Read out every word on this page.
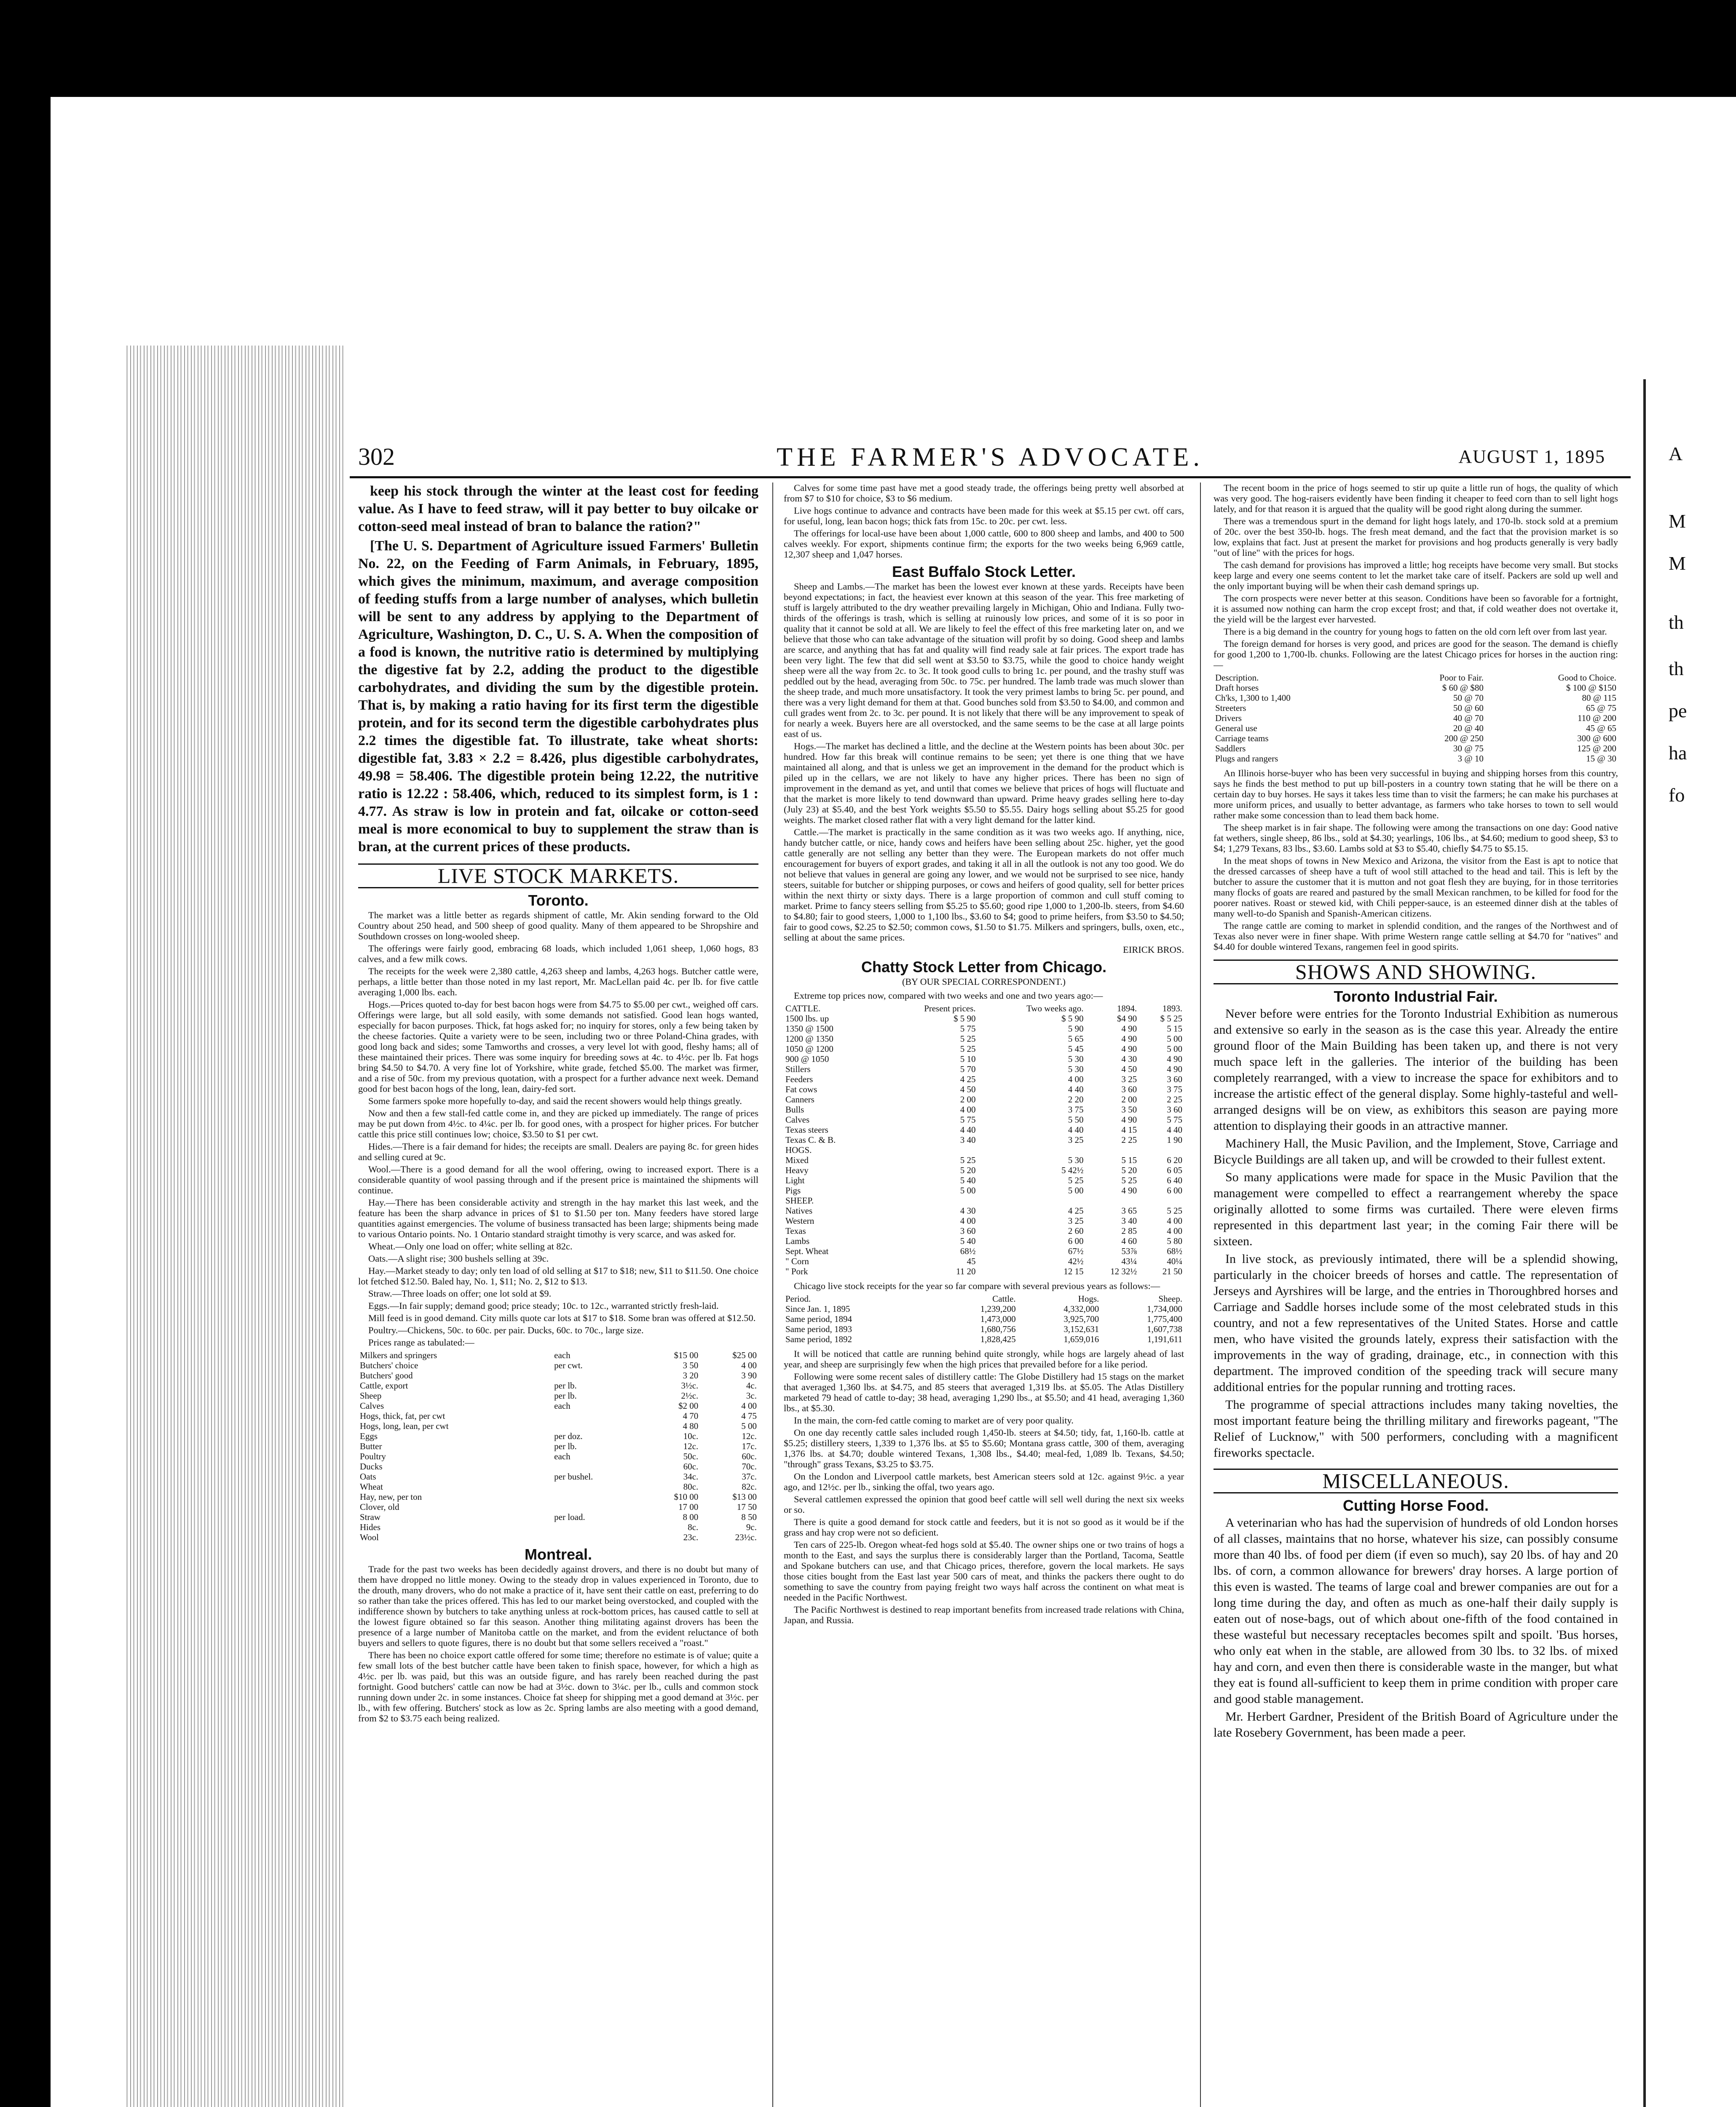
A
M
M
th
th
pe
ha
fo
THE FARMER'S ADVOCATE.
302	AUGUST 1, 1895

keep his stock through the winter at the least cost for feeding value. As I have to feed straw, will it pay better to buy oilcake or cotton-seed meal instead of bran to balance the ration?"

[The U. S. Department of Agriculture issued Farmers' Bulletin No. 22, on the Feeding of Farm Animals, in February, 1895, which gives the minimum, maximum, and average composition of feeding stuffs from a large number of analyses, which bulletin will be sent to any address by applying to the Department of Agriculture, Washington, D. C., U. S. A. When the composition of a food is known, the nutritive ratio is determined by multiplying the digestive fat by 2.2, adding the product to the digestible carbohydrates, and dividing the sum by the digestible protein. That is, by making a ratio having for its first term the digestible protein, and for its second term the digestible carbohydrates plus 2.2 times the digestible fat. To illustrate, take wheat shorts: digestible fat, 3.83 × 2.2 = 8.426, plus digestible carbohydrates, 49.98 = 58.406. The digestible protein being 12.22, the nutritive ratio is 12.22 : 58.406, which, reduced to its simplest form, is 1 : 4.77. As straw is low in protein and fat, oilcake or cotton-seed meal is more economical to buy to supplement the straw than is bran, at the current prices of these products.

LIVE STOCK MARKETS.
Toronto.

The market was a little better as regards shipment of cattle, Mr. Akin sending forward to the Old Country about 250 head, and 500 sheep of good quality. Many of them appeared to be Shropshire and Southdown crosses on long-wooled sheep.

The offerings were fairly good, embracing 68 loads, which included 1,061 sheep, 1,060 hogs, 83 calves, and a few milk cows.

The receipts for the week were 2,380 cattle, 4,263 sheep and lambs, 4,263 hogs. Butcher cattle were, perhaps, a little better than those noted in my last report, Mr. MacLellan paid 4c. per lb. for five cattle averaging 1,000 lbs. each.

Hogs.—Prices quoted to-day for best bacon hogs were from $4.75 to $5.00 per cwt., weighed off cars. Offerings were large, but all sold easily, with some demands not satisfied. Good lean hogs wanted, especially for bacon purposes. Thick, fat hogs asked for; no inquiry for stores, only a few being taken by the cheese factories. Quite a variety were to be seen, including two or three Poland-China grades, with good long back and sides; some Tamworths and crosses, a very level lot with good, fleshy hams; all of these maintained their prices. There was some inquiry for breeding sows at 4c. to 4½c. per lb. Fat hogs bring $4.50 to $4.70. A very fine lot of Yorkshire, white grade, fetched $5.00. The market was firmer, and a rise of 50c. from my previous quotation, with a prospect for a further advance next week. Demand good for best bacon hogs of the long, lean, dairy-fed sort.

Some farmers spoke more hopefully to-day, and said the recent showers would help things greatly.

Now and then a few stall-fed cattle come in, and they are picked up immediately. The range of prices may be put down from 4½c. to 4¼c. per lb. for good ones, with a prospect for higher prices. For butcher cattle this price still continues low; choice, $3.50 to $1 per cwt.

Hides.—There is a fair demand for hides; the receipts are small. Dealers are paying 8c. for green hides and selling cured at 9c.

Wool.—There is a good demand for all the wool offering, owing to increased export. There is a considerable quantity of wool passing through and if the present price is maintained the shipments will continue.

Hay.—There has been considerable activity and strength in the hay market this last week, and the feature has been the sharp advance in prices of $1 to $1.50 per ton. Many feeders have stored large quantities against emergencies. The volume of business transacted has been large; shipments being made to various Ontario points. No. 1 Ontario standard straight timothy is very scarce, and was asked for.

Wheat.—Only one load on offer; white selling at 82c.

Oats.—A slight rise; 300 bushels selling at 39c.

Hay.—Market steady to day; only ten load of old selling at $17 to $18; new, $11 to $11.50. One choice lot fetched $12.50. Baled hay, No. 1, $11; No. 2, $12 to $13.

Straw.—Three loads on offer; one lot sold at $9.

Eggs.—In fair supply; demand good; price steady; 10c. to 12c., warranted strictly fresh-laid.

Mill feed is in good demand. City mills quote car lots at $17 to $18. Some bran was offered at $12.50.

Poultry.—Chickens, 50c. to 60c. per pair. Ducks, 60c. to 70c., large size.

Prices range as tabulated:—

Milkers and springers	each	$15 00	$25 00
Butchers' choice	per cwt.	3 50	4 00
Butchers' good		3 20	3 90
Cattle, export	per lb.	3½c.	4c.
Sheep	per lb.	2½c.	3c.
Calves	each	$2 00	4 00
Hogs, thick, fat, per cwt		4 70	4 75
Hogs, long, lean, per cwt		4 80	5 00
Eggs	per doz.	10c.	12c.
Butter	per lb.	12c.	17c.
Poultry	each	50c.	60c.
Ducks		60c.	70c.
Oats	per bushel.	34c.	37c.
Wheat		80c.	82c.
Hay, new, per ton		$10 00	$13 00
Clover, old		17 00	17 50
Straw	per load.	8 00	8 50
Hides		8c.	9c.
Wool		23c.	23½c.
Montreal.

Trade for the past two weeks has been decidedly against drovers, and there is no doubt but many of them have dropped no little money. Owing to the steady drop in values experienced in Toronto, due to the drouth, many drovers, who do not make a practice of it, have sent their cattle on east, preferring to do so rather than take the prices offered. This has led to our market being overstocked, and coupled with the indifference shown by butchers to take anything unless at rock-bottom prices, has caused cattle to sell at the lowest figure obtained so far this season. Another thing militating against drovers has been the presence of a large number of Manitoba cattle on the market, and from the evident reluctance of both buyers and sellers to quote figures, there is no doubt but that some sellers received a "roast."

There has been no choice export cattle offered for some time; therefore no estimate is of value; quite a few small lots of the best butcher cattle have been taken to finish space, however, for which a high as 4½c. per lb. was paid, but this was an outside figure, and has rarely been reached during the past fortnight. Good butchers' cattle can now be had at 3½c. down to 3¼c. per lb., culls and common stock running down under 2c. in some instances. Choice fat sheep for shipping met a good demand at 3½c. per lb., with few offering. Butchers' stock as low as 2c. Spring lambs are also meeting with a good demand, from $2 to $3.75 each being realized.

Calves for some time past have met a good steady trade, the offerings being pretty well absorbed at from $7 to $10 for choice, $3 to $6 medium.

Live hogs continue to advance and contracts have been made for this week at $5.15 per cwt. off cars, for useful, long, lean bacon hogs; thick fats from 15c. to 20c. per cwt. less.

The offerings for local-use have been about 1,000 cattle, 600 to 800 sheep and lambs, and 400 to 500 calves weekly. For export, shipments continue firm; the exports for the two weeks being 6,969 cattle, 12,307 sheep and 1,047 horses.

East Buffalo Stock Letter.

Sheep and Lambs.—The market has been the lowest ever known at these yards. Receipts have been beyond expectations; in fact, the heaviest ever known at this season of the year. This free marketing of stuff is largely attributed to the dry weather prevailing largely in Michigan, Ohio and Indiana. Fully two-thirds of the offerings is trash, which is selling at ruinously low prices, and some of it is so poor in quality that it cannot be sold at all. We are likely to feel the effect of this free marketing later on, and we believe that those who can take advantage of the situation will profit by so doing. Good sheep and lambs are scarce, and anything that has fat and quality will find ready sale at fair prices. The export trade has been very light. The few that did sell went at $3.50 to $3.75, while the good to choice handy weight sheep were all the way from 2c. to 3c. It took good culls to bring 1c. per pound, and the trashy stuff was peddled out by the head, averaging from 50c. to 75c. per hundred. The lamb trade was much slower than the sheep trade, and much more unsatisfactory. It took the very primest lambs to bring 5c. per pound, and there was a very light demand for them at that. Good bunches sold from $3.50 to $4.00, and common and cull grades went from 2c. to 3c. per pound. It is not likely that there will be any improvement to speak of for nearly a week. Buyers here are all overstocked, and the same seems to be the case at all large points east of us.

Hogs.—The market has declined a little, and the decline at the Western points has been about 30c. per hundred. How far this break will continue remains to be seen; yet there is one thing that we have maintained all along, and that is unless we get an improvement in the demand for the product which is piled up in the cellars, we are not likely to have any higher prices. There has been no sign of improvement in the demand as yet, and until that comes we believe that prices of hogs will fluctuate and that the market is more likely to tend downward than upward. Prime heavy grades selling here to-day (July 23) at $5.40, and the best York weights $5.50 to $5.55. Dairy hogs selling about $5.25 for good weights. The market closed rather flat with a very light demand for the latter kind.

Cattle.—The market is practically in the same condition as it was two weeks ago. If anything, nice, handy butcher cattle, or nice, handy cows and heifers have been selling about 25c. higher, yet the good cattle generally are not selling any better than they were. The European markets do not offer much encouragement for buyers of export grades, and taking it all in all the outlook is not any too good. We do not believe that values in general are going any lower, and we would not be surprised to see nice, handy steers, suitable for butcher or shipping purposes, or cows and heifers of good quality, sell for better prices within the next thirty or sixty days. There is a large proportion of common and cull stuff coming to market. Prime to fancy steers selling from $5.25 to $5.60; good ripe 1,000 to 1,200-lb. steers, from $4.60 to $4.80; fair to good steers, 1,000 to 1,100 lbs., $3.60 to $4; good to prime heifers, from $3.50 to $4.50; fair to good cows, $2.25 to $2.50; common cows, $1.50 to $1.75. Milkers and springers, bulls, oxen, etc., selling at about the same prices.

EIRICK BROS.
Chatty Stock Letter from Chicago.
(BY OUR SPECIAL CORRESPONDENT.)

Extreme top prices now, compared with two weeks and one and two years ago:—

CATTLE.	Present prices.	Two weeks ago.	1894.	1893.
1500 lbs. up	$ 5 90	$ 5 90	$4 90	$ 5 25
1350 @ 1500	5 75	5 90	4 90	5 15
1200 @ 1350	5 25	5 65	4 90	5 00
1050 @ 1200	5 25	5 45	4 90	5 00
900 @ 1050	5 10	5 30	4 30	4 90
Stillers	5 70	5 30	4 50	4 90
Feeders	4 25	4 00	3 25	3 60
Fat cows	4 50	4 40	3 60	3 75
Canners	2 00	2 20	2 00	2 25
Bulls	4 00	3 75	3 50	3 60
Calves	5 75	5 50	4 90	5 75
Texas steers	4 40	4 40	4 15	4 40
Texas C. & B.	3 40	3 25	2 25	1 90
HOGS.				
Mixed	5 25	5 30	5 15	6 20
Heavy	5 20	5 42½	5 20	6 05
Light	5 40	5 25	5 25	6 40
Pigs	5 00	5 00	4 90	6 00
SHEEP.				
Natives	4 30	4 25	3 65	5 25
Western	4 00	3 25	3 40	4 00
Texas	3 60	2 60	2 85	4 00
Lambs	5 40	6 00	4 60	5 80
Sept. Wheat	68½	67½	53⅞	68½
" Corn	45	42½	43¼	40¼
" Pork	11 20	12 15	12 32½	21 50

Chicago live stock receipts for the year so far compare with several previous years as follows:—

Period.	Cattle.	Hogs.	Sheep.
Since Jan. 1, 1895	1,239,200	4,332,000	1,734,000
Same period, 1894	1,473,000	3,925,700	1,775,400
Same period, 1893	1,680,756	3,152,631	1,607,738
Same period, 1892	1,828,425	1,659,016	1,191,611

It will be noticed that cattle are running behind quite strongly, while hogs are largely ahead of last year, and sheep are surprisingly few when the high prices that prevailed before for a like period.

Following were some recent sales of distillery cattle: The Globe Distillery had 15 stags on the market that averaged 1,360 lbs. at $4.75, and 85 steers that averaged 1,319 lbs. at $5.05. The Atlas Distillery marketed 79 head of cattle to-day; 38 head, averaging 1,290 lbs., at $5.50; and 41 head, averaging 1,360 lbs., at $5.30.

In the main, the corn-fed cattle coming to market are of very poor quality.

On one day recently cattle sales included rough 1,450-lb. steers at $4.50; tidy, fat, 1,160-lb. cattle at $5.25; distillery steers, 1,339 to 1,376 lbs. at $5 to $5.60; Montana grass cattle, 300 of them, averaging 1,376 lbs. at $4.70; double wintered Texans, 1,308 lbs., $4.40; meal-fed, 1,089 lb. Texans, $4.50; "through" grass Texans, $3.25 to $3.75.

On the London and Liverpool cattle markets, best American steers sold at 12c. against 9½c. a year ago, and 12½c. per lb., sinking the offal, two years ago.

Several cattlemen expressed the opinion that good beef cattle will sell well during the next six weeks or so.

There is quite a good demand for stock cattle and feeders, but it is not so good as it would be if the grass and hay crop were not so deficient.

Ten cars of 225-lb. Oregon wheat-fed hogs sold at $5.40. The owner ships one or two trains of hogs a month to the East, and says the surplus there is considerably larger than the Portland, Tacoma, Seattle and Spokane butchers can use, and that Chicago prices, therefore, govern the local markets. He says those cities bought from the East last year 500 cars of meat, and thinks the packers there ought to do something to save the country from paying freight two ways half across the continent on what meat is needed in the Pacific Northwest.

The Pacific Northwest is destined to reap important benefits from increased trade relations with China, Japan, and Russia.

The recent boom in the price of hogs seemed to stir up quite a little run of hogs, the quality of which was very good. The hog-raisers evidently have been finding it cheaper to feed corn than to sell light hogs lately, and for that reason it is argued that the quality will be good right along during the summer.

There was a tremendous spurt in the demand for light hogs lately, and 170-lb. stock sold at a premium of 20c. over the best 350-lb. hogs. The fresh meat demand, and the fact that the provision market is so low, explains that fact. Just at present the market for provisions and hog products generally is very badly "out of line" with the prices for hogs.

The cash demand for provisions has improved a little; hog receipts have become very small. But stocks keep large and every one seems content to let the market take care of itself. Packers are sold up well and the only important buying will be when their cash demand springs up.

The corn prospects were never better at this season. Conditions have been so favorable for a fortnight, it is assumed now nothing can harm the crop except frost; and that, if cold weather does not overtake it, the yield will be the largest ever harvested.

There is a big demand in the country for young hogs to fatten on the old corn left over from last year.

The foreign demand for horses is very good, and prices are good for the season. The demand is chiefly for good 1,200 to 1,700-lb. chunks. Following are the latest Chicago prices for horses in the auction ring:—

Description.	Poor to Fair.	Good to Choice.
Draft horses	$ 60 @ $80	$ 100 @ $150
Ch'ks, 1,300 to 1,400	50 @ 70	80 @ 115
Streeters	50 @ 60	65 @ 75
Drivers	40 @ 70	110 @ 200
General use	20 @ 40	45 @ 65
Carriage teams	200 @ 250	300 @ 600
Saddlers	30 @ 75	125 @ 200
Plugs and rangers	3 @ 10	15 @ 30

An Illinois horse-buyer who has been very successful in buying and shipping horses from this country, says he finds the best method to put up bill-posters in a country town stating that he will be there on a certain day to buy horses. He says it takes less time than to visit the farmers; he can make his purchases at more uniform prices, and usually to better advantage, as farmers who take horses to town to sell would rather make some concession than to lead them back home.

The sheep market is in fair shape. The following were among the transactions on one day: Good native fat wethers, single sheep, 86 lbs., sold at $4.30; yearlings, 106 lbs., at $4.60; medium to good sheep, $3 to $4; 1,279 Texans, 83 lbs., $3.60. Lambs sold at $3 to $5.40, chiefly $4.75 to $5.15.

In the meat shops of towns in New Mexico and Arizona, the visitor from the East is apt to notice that the dressed carcasses of sheep have a tuft of wool still attached to the head and tail. This is left by the butcher to assure the customer that it is mutton and not goat flesh they are buying, for in those territories many flocks of goats are reared and pastured by the small Mexican ranchmen, to be killed for food for the poorer natives. Roast or stewed kid, with Chili pepper-sauce, is an esteemed dinner dish at the tables of many well-to-do Spanish and Spanish-American citizens.

The range cattle are coming to market in splendid condition, and the ranges of the Northwest and of Texas also never were in finer shape. With prime Western range cattle selling at $4.70 for "natives" and $4.40 for double wintered Texans, rangemen feel in good spirits.

SHOWS AND SHOWING.
Toronto Industrial Fair.

Never before were entries for the Toronto Industrial Exhibition as numerous and extensive so early in the season as is the case this year. Already the entire ground floor of the Main Building has been taken up, and there is not very much space left in the galleries. The interior of the building has been completely rearranged, with a view to increase the space for exhibitors and to increase the artistic effect of the general display. Some highly-tasteful and well-arranged designs will be on view, as exhibitors this season are paying more attention to displaying their goods in an attractive manner.

Machinery Hall, the Music Pavilion, and the Implement, Stove, Carriage and Bicycle Buildings are all taken up, and will be crowded to their fullest extent.

So many applications were made for space in the Music Pavilion that the management were compelled to effect a rearrangement whereby the space originally allotted to some firms was curtailed. There were eleven firms represented in this department last year; in the coming Fair there will be sixteen.

In live stock, as previously intimated, there will be a splendid showing, particularly in the choicer breeds of horses and cattle. The representation of Jerseys and Ayrshires will be large, and the entries in Thoroughbred horses and Carriage and Saddle horses include some of the most celebrated studs in this country, and not a few representatives of the United States. Horse and cattle men, who have visited the grounds lately, express their satisfaction with the improvements in the way of grading, drainage, etc., in connection with this department. The improved condition of the speeding track will secure many additional entries for the popular running and trotting races.

The programme of special attractions includes many taking novelties, the most important feature being the thrilling military and fireworks pageant, "The Relief of Lucknow," with 500 performers, concluding with a magnificent fireworks spectacle.

MISCELLANEOUS.
Cutting Horse Food.

A veterinarian who has had the supervision of hundreds of old London horses of all classes, maintains that no horse, whatever his size, can possibly consume more than 40 lbs. of food per diem (if even so much), say 20 lbs. of hay and 20 lbs. of corn, a common allowance for brewers' dray horses. A large portion of this even is wasted. The teams of large coal and brewer companies are out for a long time during the day, and often as much as one-half their daily supply is eaten out of nose-bags, out of which about one-fifth of the food contained in these wasteful but necessary receptacles becomes spilt and spoilt. 'Bus horses, who only eat when in the stable, are allowed from 30 lbs. to 32 lbs. of mixed hay and corn, and even then there is considerable waste in the manger, but what they eat is found all-sufficient to keep them in prime condition with proper care and good stable management.

Mr. Herbert Gardner, President of the British Board of Agriculture under the late Rosebery Government, has been made a peer.
